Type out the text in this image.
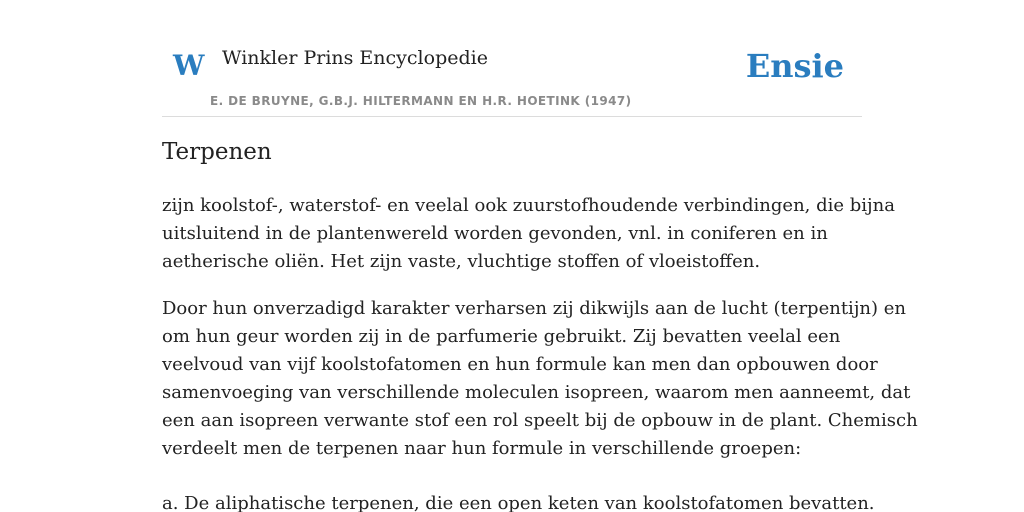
W Winkler Prins Encyclopedie
E. DE BRUYNE, G.B.J. HILTERMANN EN H.R. HOETINK (1947)
Ensie
Terpenen

zijn koolstof-, waterstof- en veelal ook zuurstofhoudende verbindingen, die bijna
uitsluitend in de plantenwereld worden gevonden, vnl. in coniferen en in
aetherische oliën. Het zijn vaste, vluchtige stoffen of vloeistoffen.

Door hun onverzadigd karakter verharsen zij dikwijls aan de lucht (terpentijn) en
om hun geur worden zij in de parfumerie gebruikt. Zij bevatten veelal een
veelvoud van vijf koolstofatomen en hun formule kan men dan opbouwen door
samenvoeging van verschillende moleculen isopreen, waarom men aanneemt, dat
een aan isopreen verwante stof een rol speelt bij de opbouw in de plant. Chemisch
verdeelt men de terpenen naar hun formule in verschillende groepen:

a. De aliphatische terpenen, die een open keten van koolstofatomen bevatten.
